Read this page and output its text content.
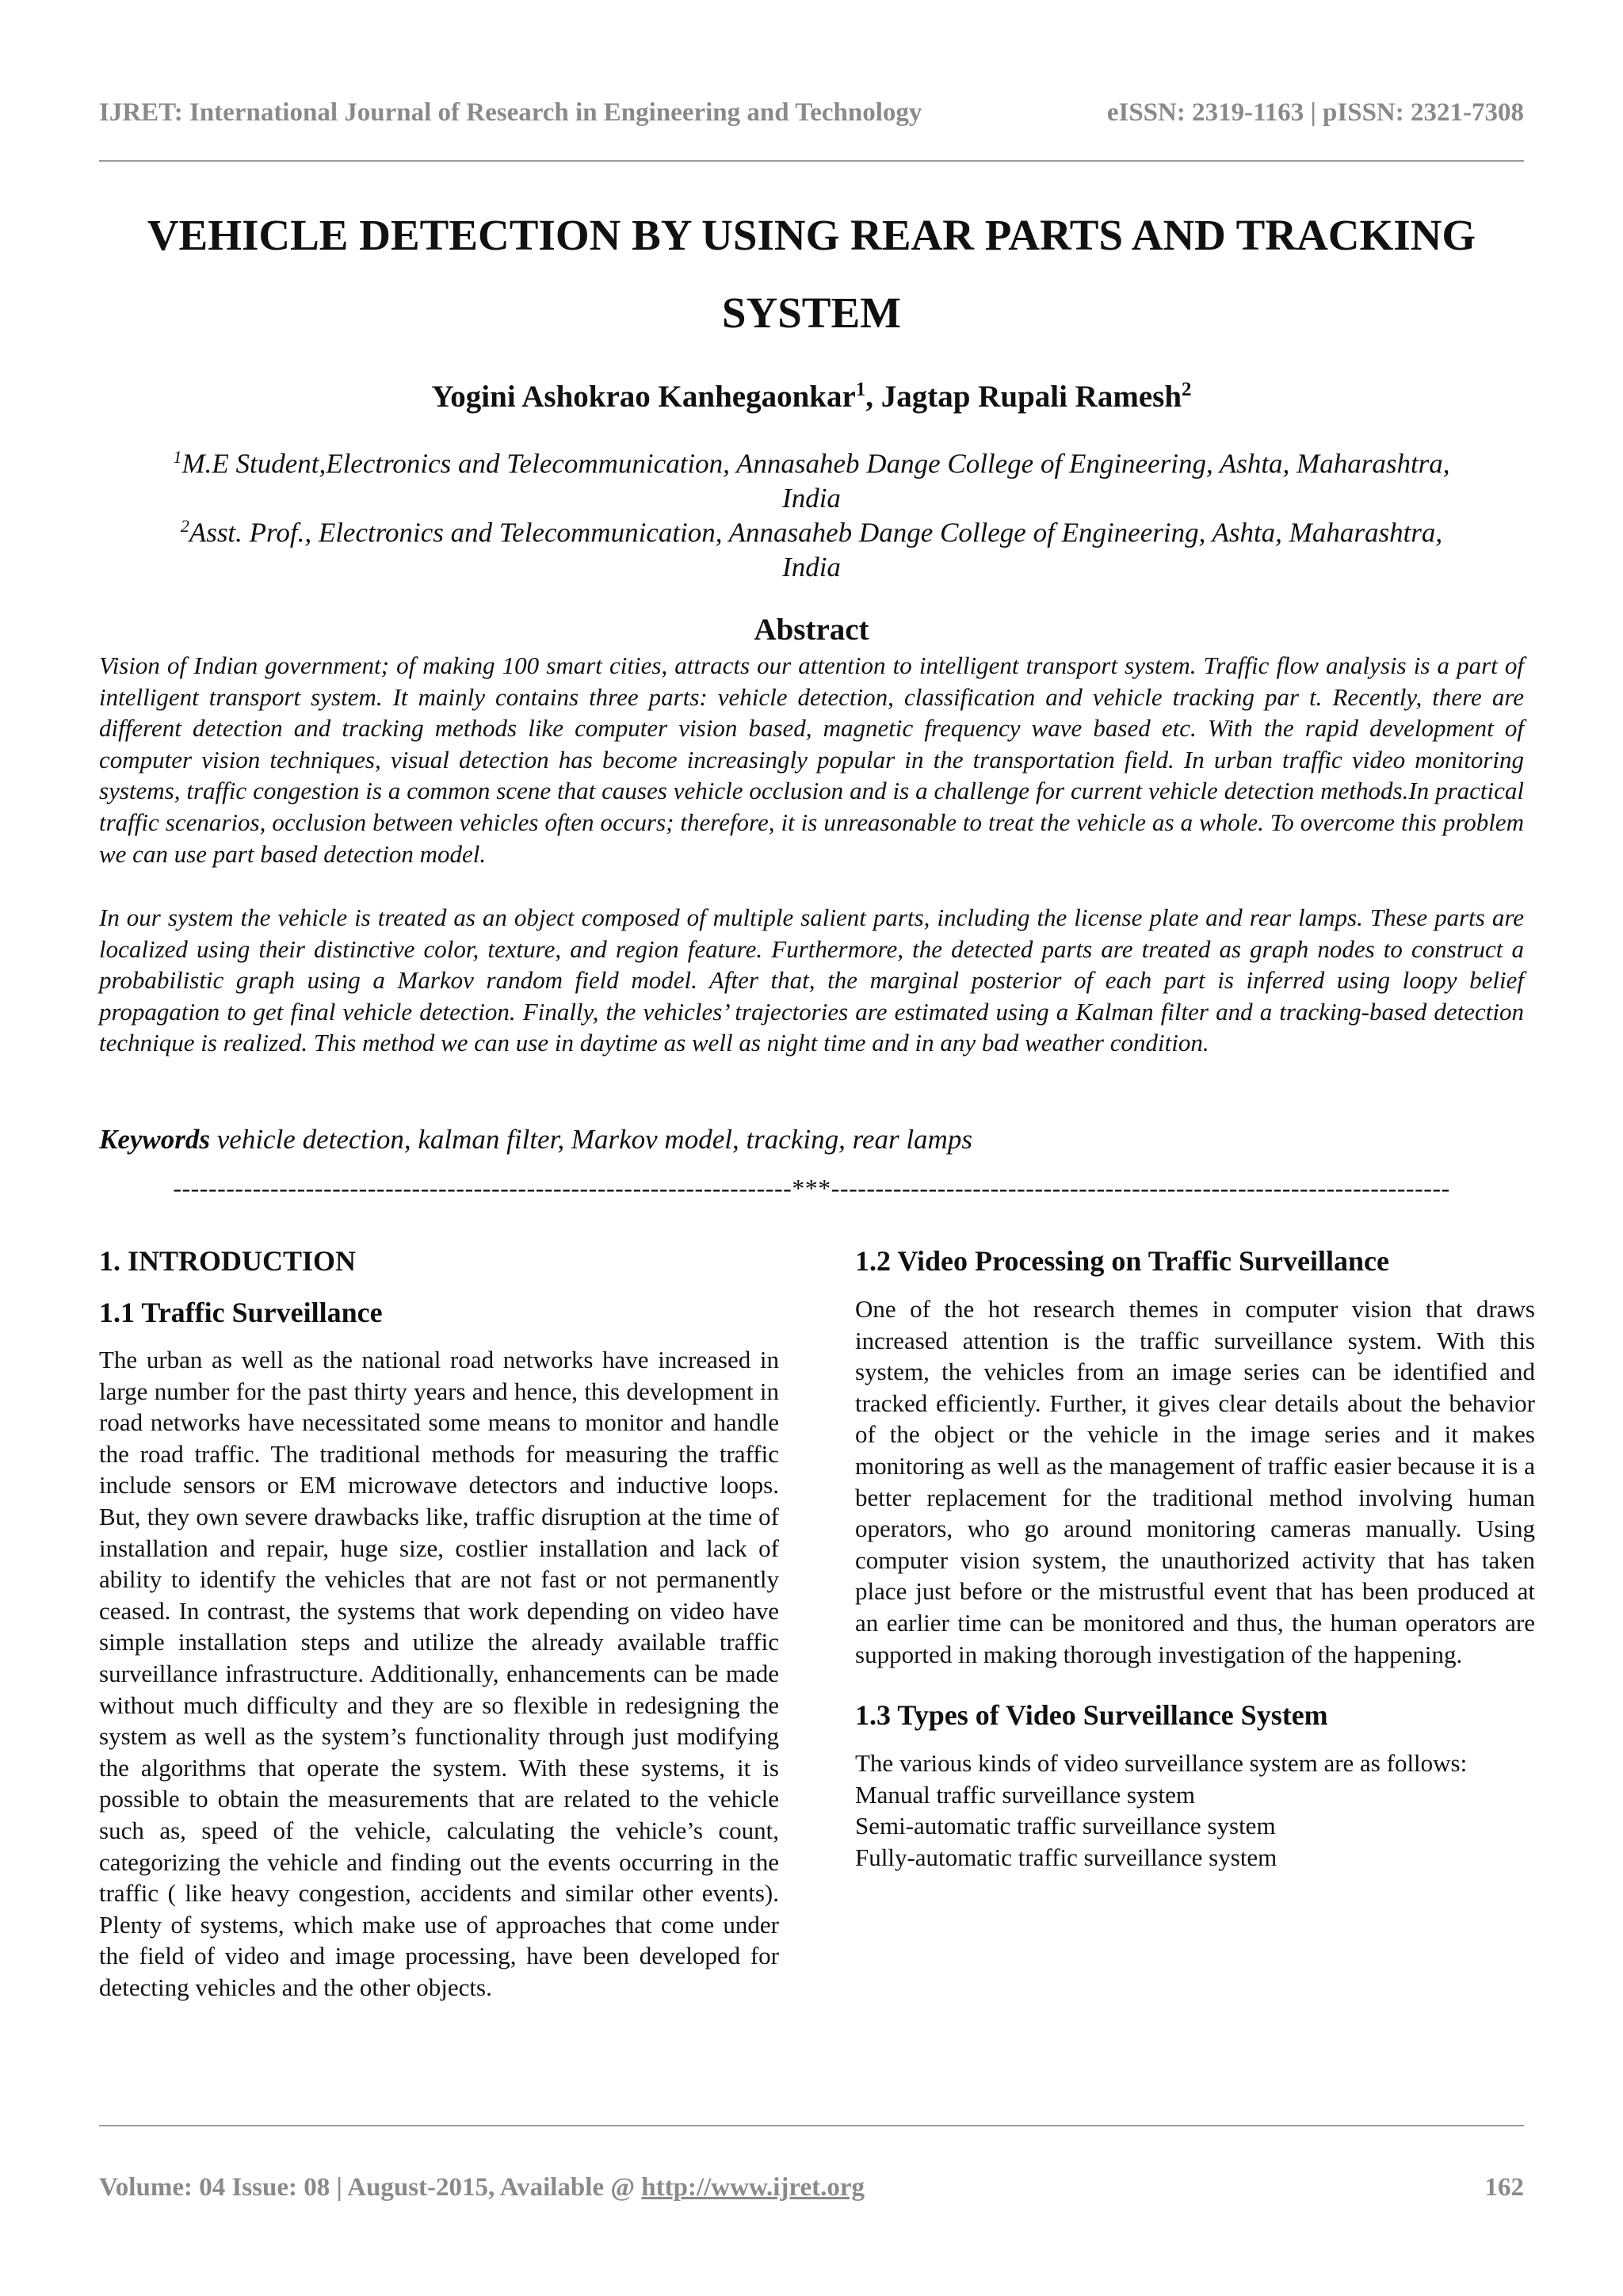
IJRET: International Journal of Research in Engineering and Technology	eISSN: 2319-1163 | pISSN: 2321-7308
VEHICLE DETECTION BY USING REAR PARTS AND TRACKING
SYSTEM

Yogini Ashokrao Kanhegaonkar$^1$, Jagtap Rupali Ramesh$^2$

$^1$M.E Student,Electronics and Telecommunication, Annasaheb Dange College of Engineering, Ashta, Maharashtra,
India

$^2$Asst. Prof., Electronics and Telecommunication, Annasaheb Dange College of Engineering, Ashta, Maharashtra,
India

Abstract

Vision of Indian government; of making 100 smart cities, attracts our attention to intelligent transport system. Traffic flow analysis is a part of intelligent transport system. It mainly contains three parts: vehicle detection, classification and vehicle tracking par t. Recently, there are different detection and tracking methods like computer vision based, magnetic frequency wave based etc. With the rapid development of computer vision techniques, visual detection has become increasingly popular in the transportation field. In urban traffic video monitoring systems, traffic congestion is a common scene that causes vehicle occlusion and is a challenge for current vehicle detection methods.In practical traffic scenarios, occlusion between vehicles often occurs; therefore, it is unreasonable to treat the vehicle as a whole. To overcome this problem we can use part based detection model.

In our system the vehicle is treated as an object composed of multiple salient parts, including the license plate and rear lamps. These parts are localized using their distinctive color, texture, and region feature. Furthermore, the detected parts are treated as graph nodes to construct a probabilistic graph using a Markov random field model. After that, the marginal posterior of each part is inferred using loopy belief propagation to get final vehicle detection. Finally, the vehicles’ trajectories are estimated using a Kalman filter and a tracking-based detection technique is realized. This method we can use in daytime as well as night time and in any bad weather condition.

Keywords vehicle detection, kalman filter, Markov model, tracking, rear lamps

----------------------------------------------------------------------***----------------------------------------------------------------------
1. INTRODUCTION
1.1 Traffic Surveillance

The urban as well as the national road networks have increased in large number for the past thirty years and hence, this development in road networks have necessitated some means to monitor and handle the road traffic. The traditional methods for measuring the traffic include sensors or EM microwave detectors and inductive loops. But, they own severe drawbacks like, traffic disruption at the time of installation and repair, huge size, costlier installation and lack of ability to identify the vehicles that are not fast or not permanently ceased. In contrast, the systems that work depending on video have simple installation steps and utilize the already available traffic surveillance infrastructure. Additionally, enhancements can be made without much difficulty and they are so flexible in redesigning the system as well as the system’s functionality through just modifying the algorithms that operate the system. With these systems, it is possible to obtain the measurements that are related to the vehicle such as, speed of the vehicle, calculating the vehicle’s count, categorizing the vehicle and finding out the events occurring in the traffic ( like heavy congestion, accidents and similar other events). Plenty of systems, which make use of approaches that come under the field of video and image processing, have been developed for detecting vehicles and the other objects.

1.2 Video Processing on Traffic Surveillance

One of the hot research themes in computer vision that draws increased attention is the traffic surveillance system. With this system, the vehicles from an image series can be identified and tracked efficiently. Further, it gives clear details about the behavior of the object or the vehicle in the image series and it makes monitoring as well as the management of traffic easier because it is a better replacement for the traditional method involving human operators, who go around monitoring cameras manually. Using computer vision system, the unauthorized activity that has taken place just before or the mistrustful event that has been produced at an earlier time can be monitored and thus, the human operators are supported in making thorough investigation of the happening.

1.3 Types of Video Surveillance System

The various kinds of video surveillance system are as follows:

Manual traffic surveillance system

Semi-automatic traffic surveillance system

Fully-automatic traffic surveillance system

Volume: 04 Issue: 08 | August-2015, Available @ http://www.ijret.org	162
